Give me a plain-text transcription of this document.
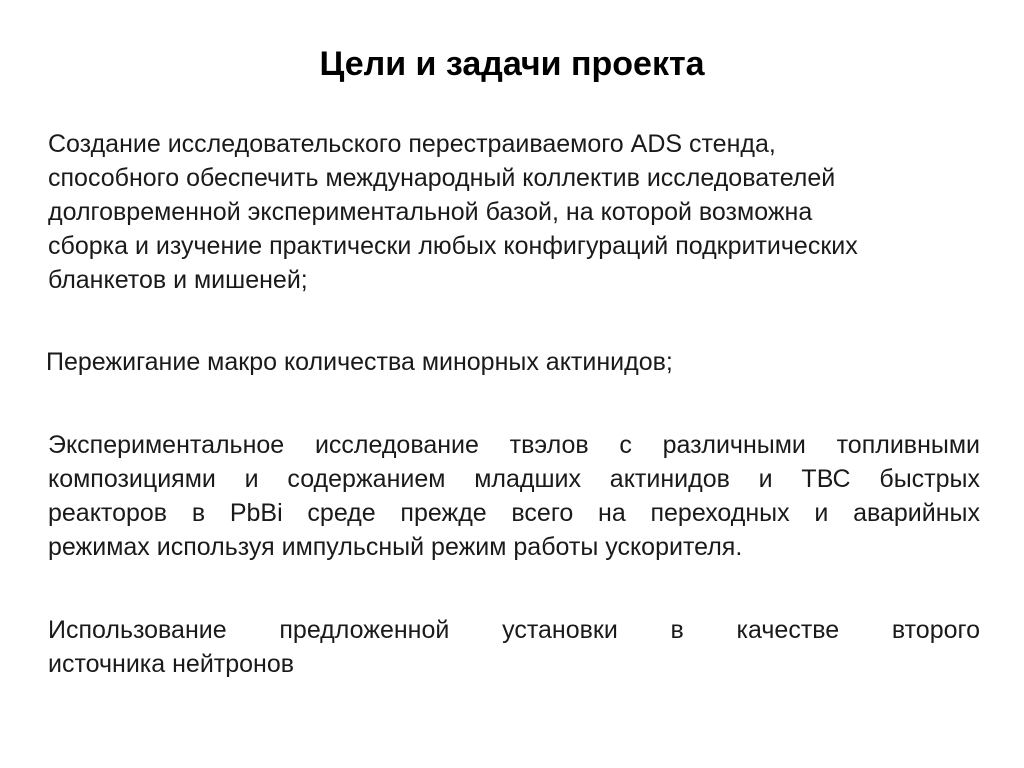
Цели и задачи проекта
Создание исследовательского перестраиваемого ADS стенда,
способного обеспечить международный коллектив исследователей
долговременной экспериментальной базой, на которой возможна
сборка и изучение практически любых конфигураций подкритических
бланкетов и мишеней;
Пережигание макро количества минорных актинидов;
Экспериментальное исследование твэлов с различными топливными
композициями и содержанием младших актинидов и ТВС быстрых
реакторов в PbBi среде прежде всего на переходных и аварийных
режимах используя импульсный режим работы ускорителя.
Использование предложенной установки в качестве второго
источника нейтронов
